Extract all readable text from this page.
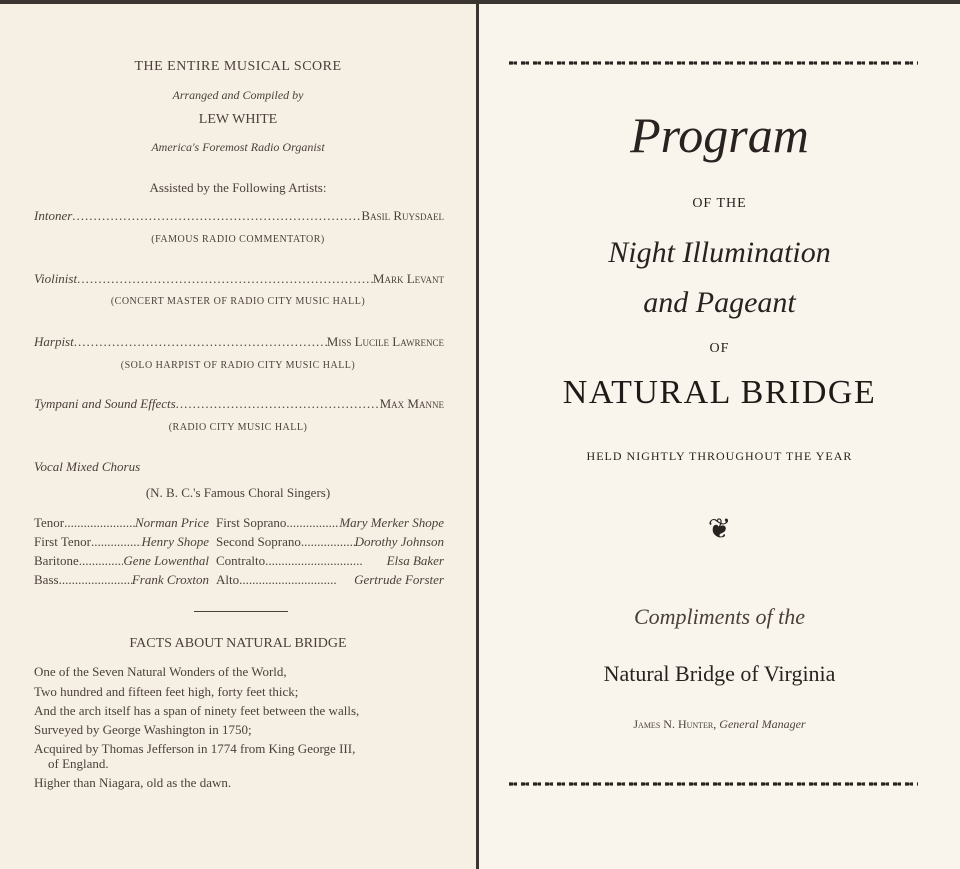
THE ENTIRE MUSICAL SCORE
Arranged and Compiled by
LEW WHITE
America's Foremost Radio Organist
Assisted by the Following Artists:
Intoner .....	Basil Ruysdael
(FAMOUS RADIO COMMENTATOR)
Violinist .....	Mark Levant
(CONCERT MASTER OF RADIO CITY MUSIC HALL)
Harpist .....	Miss Lucile Lawrence
(SOLO HARPIST OF RADIO CITY MUSIC HALL)
Tympani and Sound Effects .....	Max Manne
(RADIO CITY MUSIC HALL)
Vocal Mixed Chorus
(N. B. C.'s Famous Choral Singers)
Tenor .....	Norman Price
First Tenor .....	Henry Shope
Baritone .....	Gene Lowenthal
Bass .....	Frank Croxton
First Soprano .....	Mary Merker Shope
Second Soprano .....	Dorothy Johnson
Contralto .....	Elsa Baker
Alto .....	Gertrude Forster
FACTS ABOUT NATURAL BRIDGE
One of the Seven Natural Wonders of the World,
Two hundred and fifteen feet high, forty feet thick;
And the arch itself has a span of ninety feet between the walls,
Surveyed by George Washington in 1750;
Acquired by Thomas Jefferson in 1774 from King George III,
of England.
Higher than Niagara, old as the dawn.
Program
OF THE
Night Illumination
and Pageant
OF
NATURAL BRIDGE
HELD NIGHTLY THROUGHOUT THE YEAR
❦
Compliments of the
Natural Bridge of Virginia
James N. Hunter, General Manager
